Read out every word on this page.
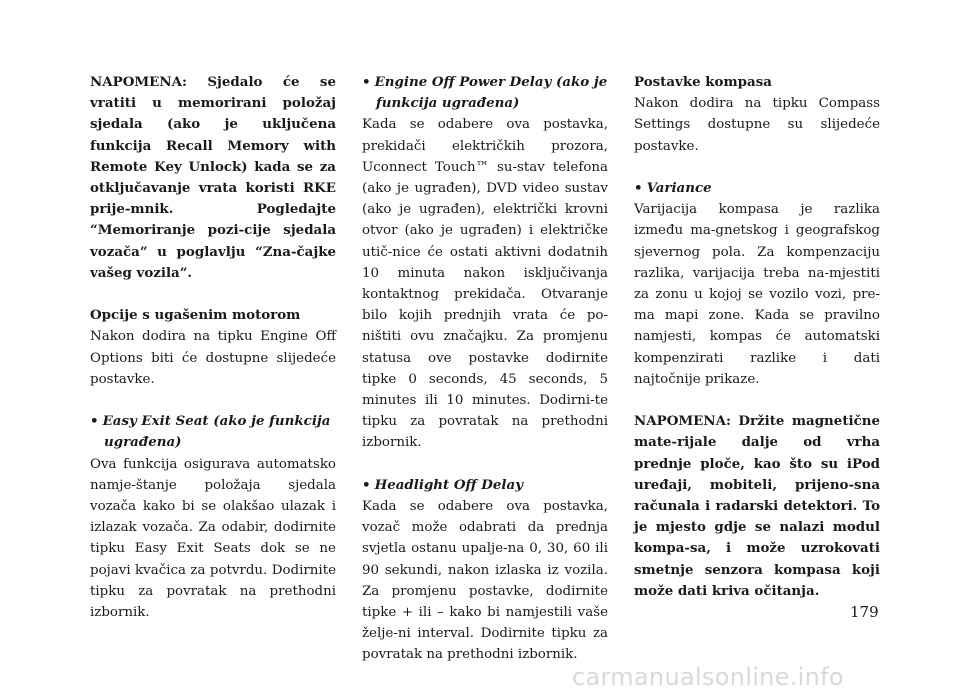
NAPOMENA: Sjedalo će se vratiti u memorirani položaj sjedala (ako je uključena funkcija Recall Memory with Remote Key Unlock) kada se za otključavanje vrata koristi RKE prije-mnik. Pogledajte “Memoriranje pozi-cije sjedala vozača” u poglavlju “Zna-čajke vašeg vozila”.

Opcije s ugašenim motorom

Nakon dodira na tipku Engine Off Options biti će dostupne slijedeće postavke.

• Easy Exit Seat (ako je funkcija ugrađena)

Ova funkcija osigurava automatsko namje-štanje položaja sjedala vozača kako bi se olakšao ulazak i izlazak vozača. Za odabir, dodirnite tipku Easy Exit Seats dok se ne pojavi kvačica za potvrdu. Dodirnite tipku za povratak na prethodni izbornik.

• Engine Off Power Delay (ako je funkcija ugrađena)

Kada se odabere ova postavka, prekidači električkih prozora, Uconnect Touch™ su-stav telefona (ako je ugrađen), DVD video sustav (ako je ugrađen), električki krovni otvor (ako je ugrađen) i električke utič-nice će ostati aktivni dodatnih 10 minuta nakon isključivanja kontaktnog prekidača. Otvaranje bilo kojih prednjih vrata će po-ništiti ovu značajku. Za promjenu statusa ove postavke dodirnite tipke 0 seconds, 45 seconds, 5 minutes ili 10 minutes. Dodirni-te tipku za povratak na prethodni izbornik.

• Headlight Off Delay

Kada se odabere ova postavka, vozač može odabrati da prednja svjetla ostanu upalje-na 0, 30, 60 ili 90 sekundi, nakon izlaska iz vozila. Za promjenu postavke, dodirnite tipke + ili – kako bi namjestili vaše želje-ni interval. Dodirnite tipku za povratak na prethodni izbornik.

Postavke kompasa

Nakon dodira na tipku Compass Settings dostupne su slijedeće postavke.

• Variance

Varijacija kompasa je razlika između ma-gnetskog i geografskog sjevernog pola. Za kompenzaciju razlika, varijacija treba na-mjestiti za zonu u kojoj se vozilo vozi, pre-ma mapi zone. Kada se pravilno namjesti, kompas će automatski kompenzirati razlike i dati najtočnije prikaze.

NAPOMENA: Držite magnetične mate-rijale dalje od vrha prednje ploče, kao što su iPod uređaji, mobiteli, prijeno-sna računala i radarski detektori. To je mjesto gdje se nalazi modul kompa-sa, i može uzrokovati smetnje senzora kompasa koji može dati kriva očitanja.

179
carmanualsonline.info
